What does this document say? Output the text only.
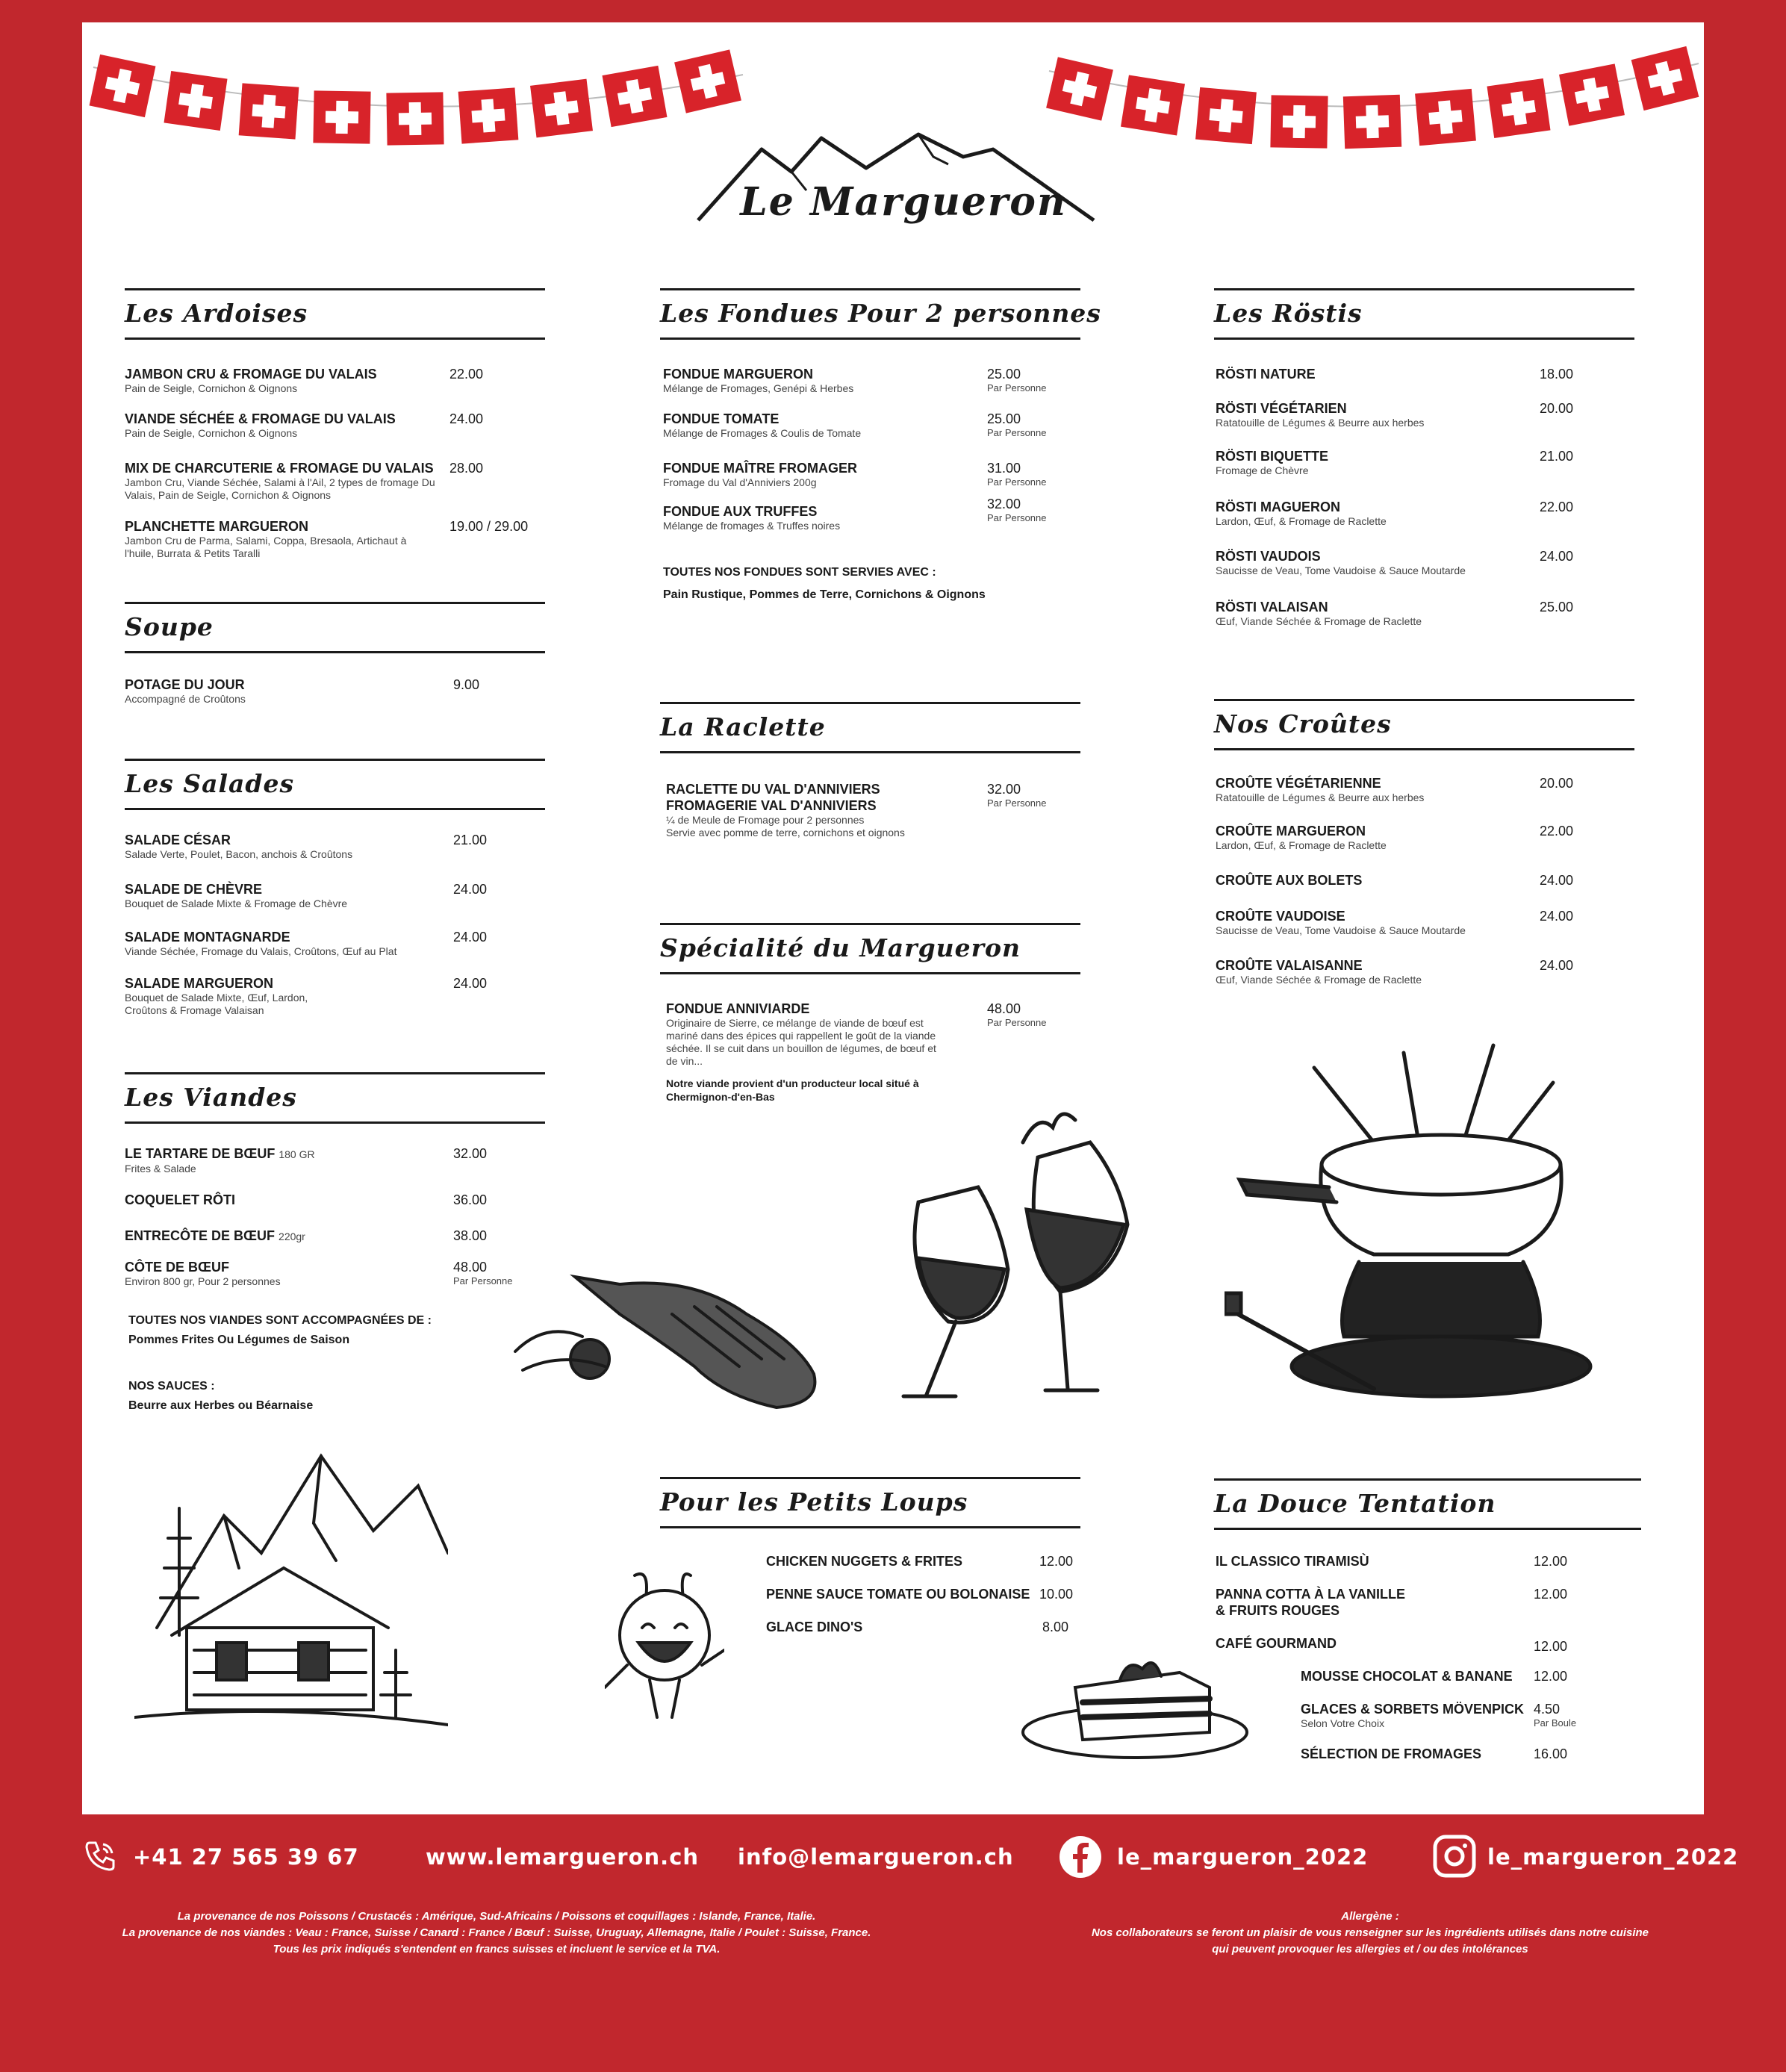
Le Margueron
Les Ardoises
JAMBON CRU & FROMAGE DU VALAIS
Pain de Seigle, Cornichon & Oignons
22.00
VIANDE SÉCHÉE & FROMAGE DU VALAIS
Pain de Seigle, Cornichon & Oignons
24.00
MIX DE CHARCUTERIE & FROMAGE DU VALAIS
Jambon Cru, Viande Séchée, Salami à l'Ail, 2 types de fromage Du Valais, Pain de Seigle, Cornichon & Oignons
28.00
PLANCHETTE MARGUERON
Jambon Cru de Parma, Salami, Coppa, Bresaola, Artichaut à l'huile, Burrata & Petits Taralli
19.00 / 29.00
Soupe
POTAGE DU JOUR
Accompagné de Croûtons
9.00
Les Salades
SALADE CÉSAR
Salade Verte, Poulet, Bacon, anchois & Croûtons
21.00
SALADE DE CHÈVRE
Bouquet de Salade Mixte & Fromage de Chèvre
24.00
SALADE MONTAGNARDE
Viande Séchée, Fromage du Valais, Croûtons, Œuf au Plat
24.00
SALADE MARGUERON
Bouquet de Salade Mixte, Œuf, Lardon, Croûtons & Fromage Valaisan
24.00
Les Viandes
LE TARTARE DE BŒUF 180 GR
Frites & Salade
32.00
COQUELET RÔTI	36.00
ENTRECÔTE DE BŒUF 220gr	38.00
CÔTE DE BŒUF
Environ 800 gr, Pour 2 personnes
48.00
Par Personne
TOUTES NOS VIANDES SONT ACCOMPAGNÉES DE :
Pommes Frites Ou Légumes de Saison
NOS SAUCES :
Beurre aux Herbes ou Béarnaise
Les Fondues Pour 2 personnes
FONDUE MARGUERON
Mélange de Fromages, Genépi & Herbes
25.00
Par Personne
FONDUE TOMATE
Mélange de Fromages & Coulis de Tomate
25.00
Par Personne
FONDUE MAÎTRE FROMAGER
Fromage du Val d'Anniviers 200g
31.00
Par Personne
FONDUE AUX TRUFFES
Mélange de fromages & Truffes noires
32.00
Par Personne
TOUTES NOS FONDUES SONT SERVIES AVEC :
Pain Rustique, Pommes de Terre, Cornichons & Oignons
La Raclette
RACLETTE DU VAL D'ANNIVIERS
FROMAGERIE VAL D'ANNIVIERS
¼ de Meule de Fromage pour 2 personnes
Servie avec pomme de terre, cornichons et oignons
32.00
Par Personne
Spécialité du Margueron
FONDUE ANNIVIARDE
Originaire de Sierre, ce mélange de viande de bœuf est mariné dans des épices qui rappellent le goût de la viande séchée. Il se cuit dans un bouillon de légumes, de bœuf et de vin...
48.00
Par Personne
Notre viande provient d'un producteur local situé à Chermignon-d'en-Bas
Pour les Petits Loups
CHICKEN NUGGETS & FRITES	12.00
PENNE SAUCE TOMATE OU BOLONAISE 10.00
GLACE DINO'S	8.00
Les Röstis
RÖSTI NATURE	18.00
RÖSTI VÉGÉTARIEN
Ratatouille de Légumes & Beurre aux herbes
20.00
RÖSTI BIQUETTE
Fromage de Chèvre
21.00
RÖSTI MAGUERON
Lardon, Œuf, & Fromage de Raclette
22.00
RÖSTI VAUDOIS
Saucisse de Veau, Tome Vaudoise & Sauce Moutarde
24.00
RÖSTI VALAISAN
Œuf, Viande Séchée & Fromage de Raclette
25.00
Nos Croûtes
CROÛTE VÉGÉTARIENNE
Ratatouille de Légumes & Beurre aux herbes
20.00
CROÛTE MARGUERON
Lardon, Œuf, & Fromage de Raclette
22.00
CROÛTE AUX BOLETS	24.00
CROÛTE VAUDOISE
Saucisse de Veau, Tome Vaudoise & Sauce Moutarde
24.00
CROÛTE VALAISANNE
Œuf, Viande Séchée & Fromage de Raclette
24.00
La Douce Tentation
IL CLASSICO TIRAMISÙ	12.00
PANNA COTTA À LA VANILLE
& FRUITS ROUGES
12.00
CAFÉ GOURMAND	12.00
MOUSSE CHOCOLAT & BANANE	12.00
GLACES & SORBETS MÖVENPICK
Selon Votre Choix
4.50
Par Boule
SÉLECTION DE FROMAGES	16.00
+41 27 565 39 67	www.lemargueron.ch info@lemargueron.ch	le_margueron_2022	le_margueron_2022
La provenance de nos Poissons / Crustacés : Amérique, Sud-Africains / Poissons et coquillages : Islande, France, Italie.
La provenance de nos viandes : Veau : France, Suisse / Canard : France / Bœuf : Suisse, Uruguay, Allemagne, Italie / Poulet : Suisse, France.
Tous les prix indiqués s'entendent en francs suisses et incluent le service et la TVA.
Allergène :
Nos collaborateurs se feront un plaisir de vous renseigner sur les ingrédients utilisés dans notre cuisine
qui peuvent provoquer les allergies et / ou des intolérances
